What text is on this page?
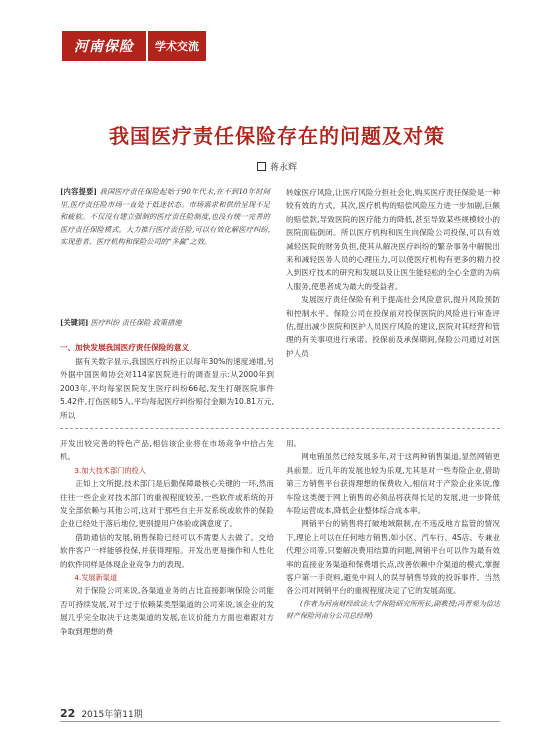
河南保险	学术交流
我国医疗责任保险存在的问题及对策
蒋永辉
[内容提要] 我国医疗责任保险起始于90年代末,在不到10年时间里,医疗责任险市场一直处于低迷状态。市场需求和供给呈现不足和疲软。不仅没有建立强制的医疗责任险制度,也没有统一完善的医疗责任保险模式。大力推行医疗责任险,可以有效化解医疗纠纷,实现患者、医疗机构和保险公司的“多赢”之效。
[关键词] 医疗纠纷 责任保险 政策措施
一、加快发展我国医疗责任保险的意义

据有关数字显示,我国医疗纠纷正以每年30%的速度递增,另外据中国医师协会对114家医院进行的调查显示:从2000年到2003年,平均每家医院发生医疗纠纷66起,发生打砸医院事件5.42件,打伤医师5人,平均每起医疗纠纷赔付金额为10.81万元,所以

转嫁医疗风险,让医疗风险分担社会化,购买医疗责任保险是一种较有效的方式。其次,医疗机构的赔偿风险压力进一步加剧,巨额的赔偿款,导致医院的医疗能力的降低,甚至导致某些规模较小的医院面临倒闭。所以医疗机构和医生向保险公司投保,可以有效减轻医院的财务负担,使其从解决医疗纠纷的繁杂事务中解脱出来和减轻医务人员的心理压力,可以使医疗机构有更多的精力投入到医疗技术的研究和发展以及让医生能轻松的全心全意的为病人服务,使患者成为最大的受益者。

发展医疗责任保险有利于提高社会风险意识,提升风险预防和控制水平。保险公司在投保前对投保医院的风险进行审查评估,提出减少医院和医护人员医疗风险的建议,医院对其经营和管理的有关事项进行承诺。投保前及承保期间,保险公司通过对医护人员

开发出较完善的特色产品,相信该企业将在市场竞争中拾占先机。

3.加大技术部门的投入

正如上文所提,技术部门是后勤保障最核心关键的一环,然而往往一些企业对技术部门的重视程度较差,一些软件或系统的开发全部依赖与其他公司,这对于那些自主开发系统或软件的保险企业已经处于落后地位,更别提用户体验或满意度了。

借助通信的发展,销售保险已经可以不需要人去做了。交给软件客户一样能够投保,并获得理赔。开发出更易操作和人性化的软件同样是体现企业竞争力的表现。

4.发展新渠道

对于保险公司来说,各渠道业务的占比直接影响保险公司能否可持续发展,对于过于依赖某类型渠道的公司来说,该企业的发展几乎完全取决于这类渠道的发展,在议价能力方面也难跟对方争取到理想的费

用。

网电销虽然已经发展多年,对于这两种销售渠道,显然网销更具前景。近几年的发展也较为乐观,尤其是对一些寿险企业,借助第三方销售平台获得理想的保费收入,相信对于产险企业来说,像车险这类便于网上销售的必须品将获得长足的发展,进一步降低车险运营成本,降低企业整体综合成本率。

网销平台的销售将打破地域限制,在不违反地方监管的情况下,理论上可以在任何地方销售,如小区、汽车行、4S店、专兼业代理公司等,只要解决费用结算的问题,网销平台可以作为最有效率的直接业务渠道和保费增长点,改善依赖中介渠道的模式,掌握客户第一手资料,避免中间人的误导销售导致的投诉事件。当然各公司对网销平台的重视程度决定了它的发展高度。

(作者为河南财经政法大学保险研究所所长,副教授;冯晋观为信达财产保险河南分公司总经理)

22 2015年第11期
